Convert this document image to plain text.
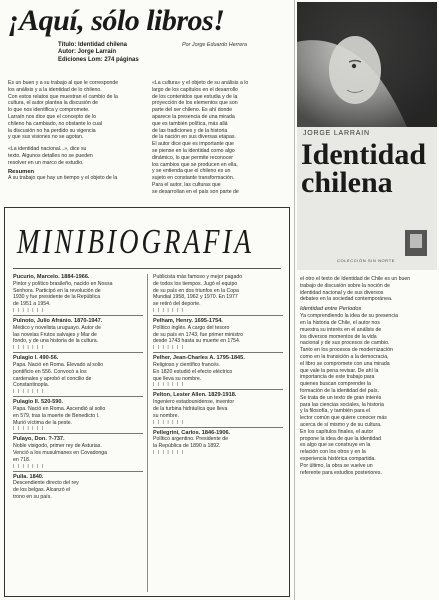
¡Aquí, sólo libros!
Título: Identidad chilena
Autor: Jorge Larraín
Ediciones Lom: 274 páginas
Por Jorge Eduardo Herrera
Es un buen y a su trabajo al que le corresponde
los análisis y a la identidad de lo chileno.
Con estos relatos que muestran el cambio de la
cultura, el autor plantea la discusión de
lo que nos identifica y compromete.
Larraín nos dice que el concepto de lo
chileno ha cambiado, no obstante lo cual
la discusión no ha perdido su vigencia
y que sus visiones no se agotan.
«La identidad nacional...», dice su
texto. Algunos detalles no se pueden
resolver en un marco de estudio.
Resumen
A su trabajo que hay un tiempo y el objeto de la
«La cultura» y el objeto de su análisis a lo
largo de los capítulos en el desarrollo
de los contenidos que estudia y de la
proyección de los elementos que son
parte del ser chileno. Es ahí donde
aparece la presencia de una mirada
que es también política, más allá
de las tradiciones y de la historia
de la nación en sus diversas etapas.
El autor dice que es importante que
se piense en la identidad como algo
dinámico, lo que permite reconocer
los cambios que se producen en ella,
y se entienda que el chileno es un
sujeto en constante transformación.
Para el autor, las culturas que
se desarrollan en el país son parte de
JORGE LARRAIN
Identidad
chilena
COLECCIÓN SIN NORTE
el otro el texto de Identidad de Chile es un buen
trabajo de discusión sobre la noción de
identidad nacional y de sus diversos
debates en la sociedad contemporánea.
Identidad entre Períodos
Ya comprendiendo la idea de su presencia
en la historia de Chile, el autor nos
muestra su interés en el análisis de
los diversos momentos de la vida
nacional y de sus procesos de cambio.
Tanto en los procesos de modernización
como en la transición a la democracia,
el libro se compromete con una mirada
que vale la pena revisar. De ahí la
importancia de este trabajo para
quienes buscan comprender la
formación de la identidad del país.
Se trata de un texto de gran interés
para las ciencias sociales, la historia
y la filosofía, y también para el
lector común que quiere conocer más
acerca de sí mismo y de su cultura.
En los capítulos finales, el autor
propone la idea de que la identidad
es algo que se construye en la
relación con los otros y en la
experiencia histórica compartida.
Por último, la obra se vuelve un
referente para estudios posteriores.
MINIBIOGRAFIA
Pucurio, Marcelo. 1884-1966.
Pintor y político brasileño, nacido en Nossa
Senhora. Participó en la revolución de
1930 y fue presidente de la República
de 1951 a 1954.
I I I I I I I
Pulnoto, Julio Afránio. 1870-1947.
Médico y novelista uruguayo. Autor de
las novelas Frutos salvajes y Mar de
fondo, y de una historia de la cultura.
I I I I I I I
Pulagio I. 490-56.
Papa. Nació en Roma. Elevado al solio
pontificio en 556. Convocó a los
cardenales y aprobó el concilio de
Constantinopla.
I I I I I I I
Pulagio II. 520-590.
Papa. Nació en Roma. Ascendió al solio
en 579, tras la muerte de Benedicto I.
Murió víctima de la peste.
I I I I I I I
Pulayo, Don. ?-737.
Noble visigodo, primer rey de Asturias.
Venció a los musulmanes en Covadonga
en 718.
I I I I I I I
Pulla. 1840.
Descendiente directo del rey
de los belgas. Alcanzó el
trono en su país.
Publicista más famoso y mejor pagado
de todos los tiempos. Jugó el equipo
de su país en dos triunfos en la Copa
Mundial 1958, 1962 y 1970. En 1977
se retiró del deporte.
I I I I I I I
Pelham, Henry. 1695-1754.
Político inglés. A cargo del tesoro
de su país en 1743, fue primer ministro
desde 1743 hasta su muerte en 1754.
I I I I I I I
Pelher, Jean-Charles A. 1795-1845.
Religioso y científico francés.
En 1820 estudió el efecto eléctrico
que lleva su nombre.
I I I I I I I
Pelton, Lester Allen. 1829-1918.
Ingeniero estadounidense, inventor
de la turbina hidráulica que lleva
su nombre.
I I I I I I I
Pellegrini, Carlos. 1846-1906.
Político argentino. Presidente de
la República de 1890 a 1892.
I I I I I I I
